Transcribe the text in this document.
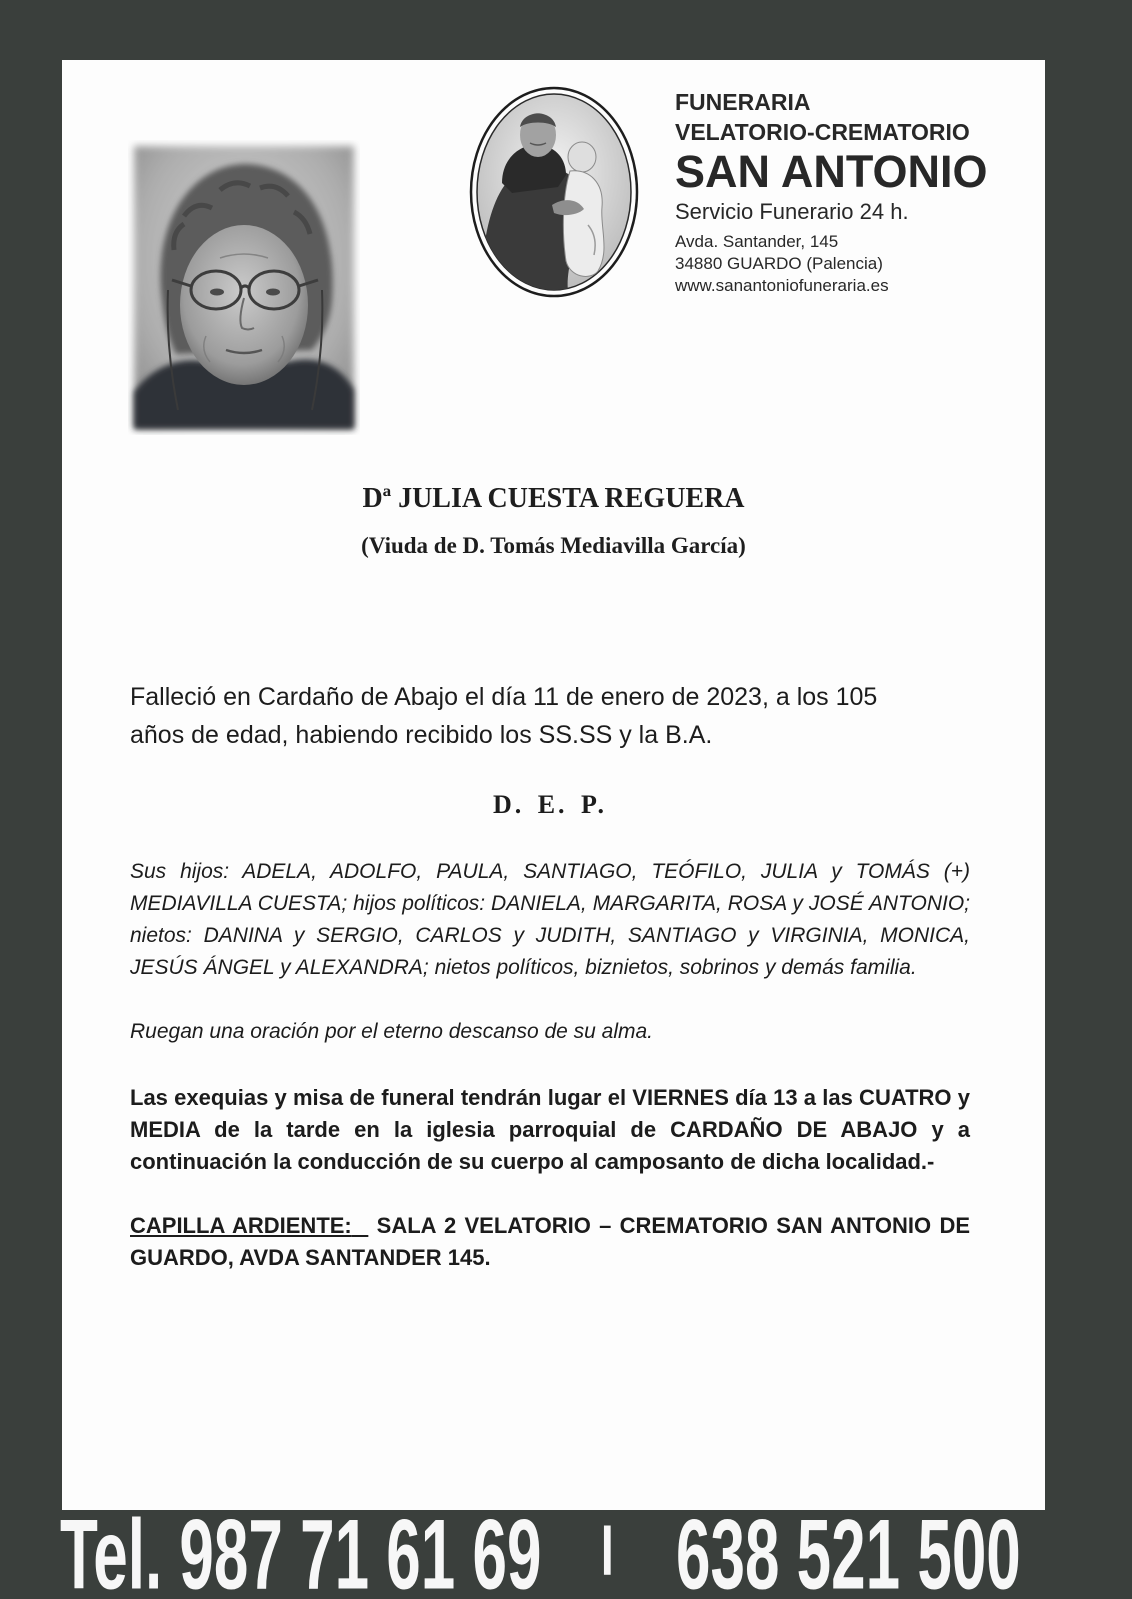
FUNERARIA
VELATORIO-CREMATORIO
SAN ANTONIO
Servicio Funerario 24 h.
Avda. Santander, 145
34880 GUARDO (Palencia)
www.sanantoniofuneraria.es
Dª JULIA CUESTA REGUERA
(Viuda de D. Tomás Mediavilla García)

Falleció en Cardaño de Abajo el día 11 de enero de 2023, a los 105 años de edad, habiendo recibido los SS.SS y la B.A.

D. E. P.

Sus hijos: ADELA, ADOLFO, PAULA, SANTIAGO, TEÓFILO, JULIA y TOMÁS (+) MEDIAVILLA CUESTA; hijos políticos: DANIELA, MARGARITA, ROSA y JOSÉ ANTONIO; nietos: DANINA y SERGIO, CARLOS y JUDITH, SANTIAGO y VIRGINIA, MONICA, JESÚS ÁNGEL y ALEXANDRA; nietos políticos, biznietos, sobrinos y demás familia.

Ruegan una oración por el eterno descanso de su alma.

Las exequias y misa de funeral tendrán lugar el VIERNES día 13 a las CUATRO y MEDIA de la tarde en la iglesia parroquial de CARDAÑO DE ABAJO y a continuación la conducción de su cuerpo al camposanto de dicha localidad.-

CAPILLA ARDIENTE: SALA 2 VELATORIO – CREMATORIO SAN ANTONIO DE GUARDO, AVDA SANTANDER 145.

Tel. 987 71 61 69 | 638 521 500
